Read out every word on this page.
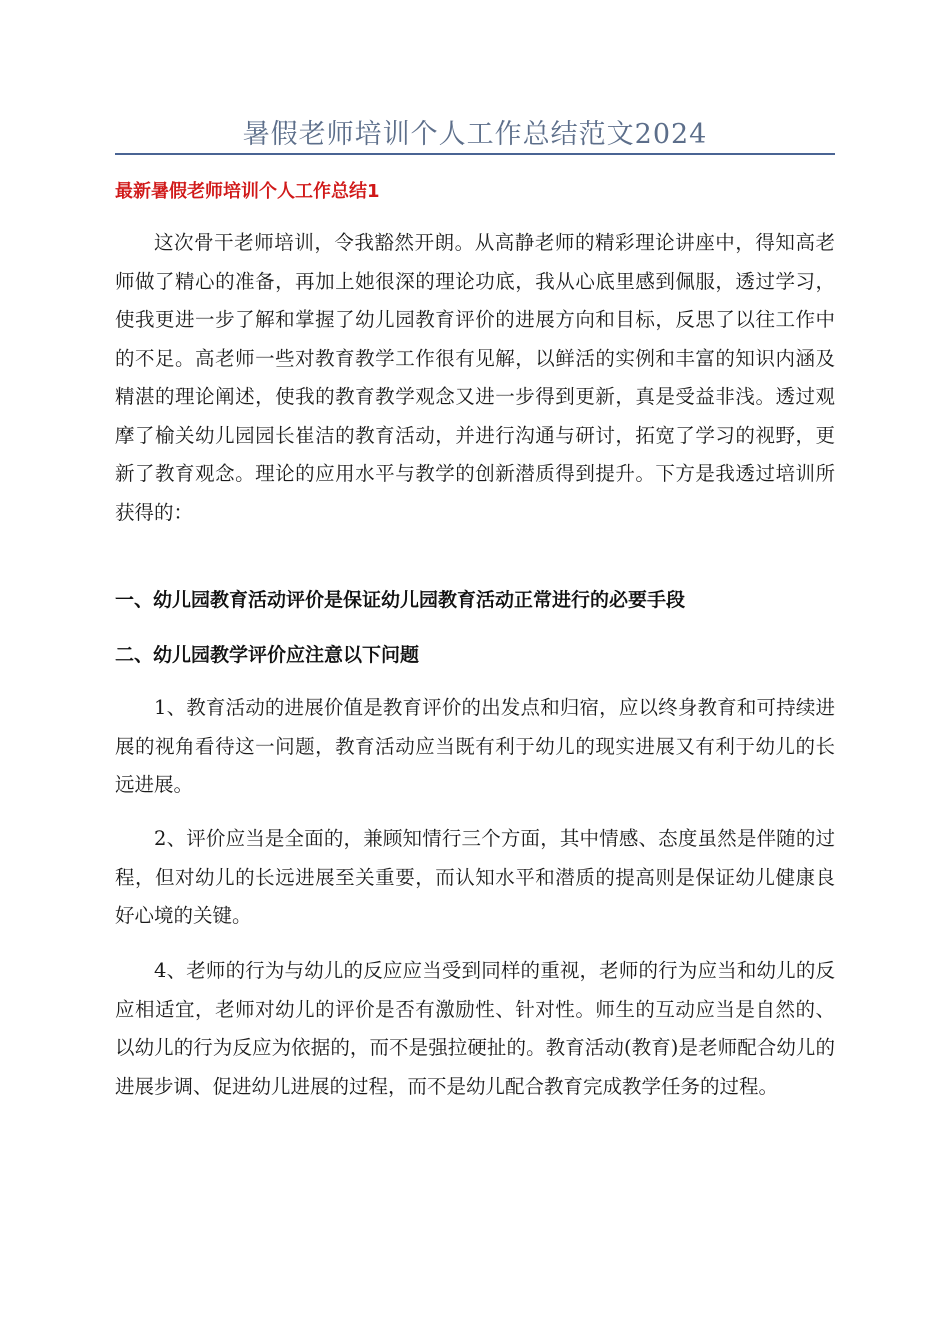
暑假老师培训个人工作总结范文2024

最新暑假老师培训个人工作总结1

这次骨干老师培训，令我豁然开朗。从高静老师的精彩理论讲座中，得知高老师做了精心的准备，再加上她很深的理论功底，我从心底里感到佩服，透过学习，使我更进一步了解和掌握了幼儿园教育评价的进展方向和目标，反思了以往工作中的不足。高老师一些对教育教学工作很有见解，以鲜活的实例和丰富的知识内涵及精湛的理论阐述，使我的教育教学观念又进一步得到更新，真是受益非浅。透过观摩了榆关幼儿园园长崔洁的教育活动，并进行沟通与研讨，拓宽了学习的视野，更新了教育观念。理论的应用水平与教学的创新潜质得到提升。下方是我透过培训所获得的：

一、幼儿园教育活动评价是保证幼儿园教育活动正常进行的必要手段

二、幼儿园教学评价应注意以下问题

1、教育活动的进展价值是教育评价的出发点和归宿，应以终身教育和可持续进展的视角看待这一问题，教育活动应当既有利于幼儿的现实进展又有利于幼儿的长远进展。

2、评价应当是全面的，兼顾知情行三个方面，其中情感、态度虽然是伴随的过程，但对幼儿的长远进展至关重要，而认知水平和潜质的提高则是保证幼儿健康良好心境的关键。

4、老师的行为与幼儿的反应应当受到同样的重视，老师的行为应当和幼儿的反应相适宜，老师对幼儿的评价是否有激励性、针对性。师生的互动应当是自然的、以幼儿的行为反应为依据的，而不是强拉硬扯的。教育活动(教育)是老师配合幼儿的进展步调、促进幼儿进展的过程，而不是幼儿配合教育完成教学任务的过程。
